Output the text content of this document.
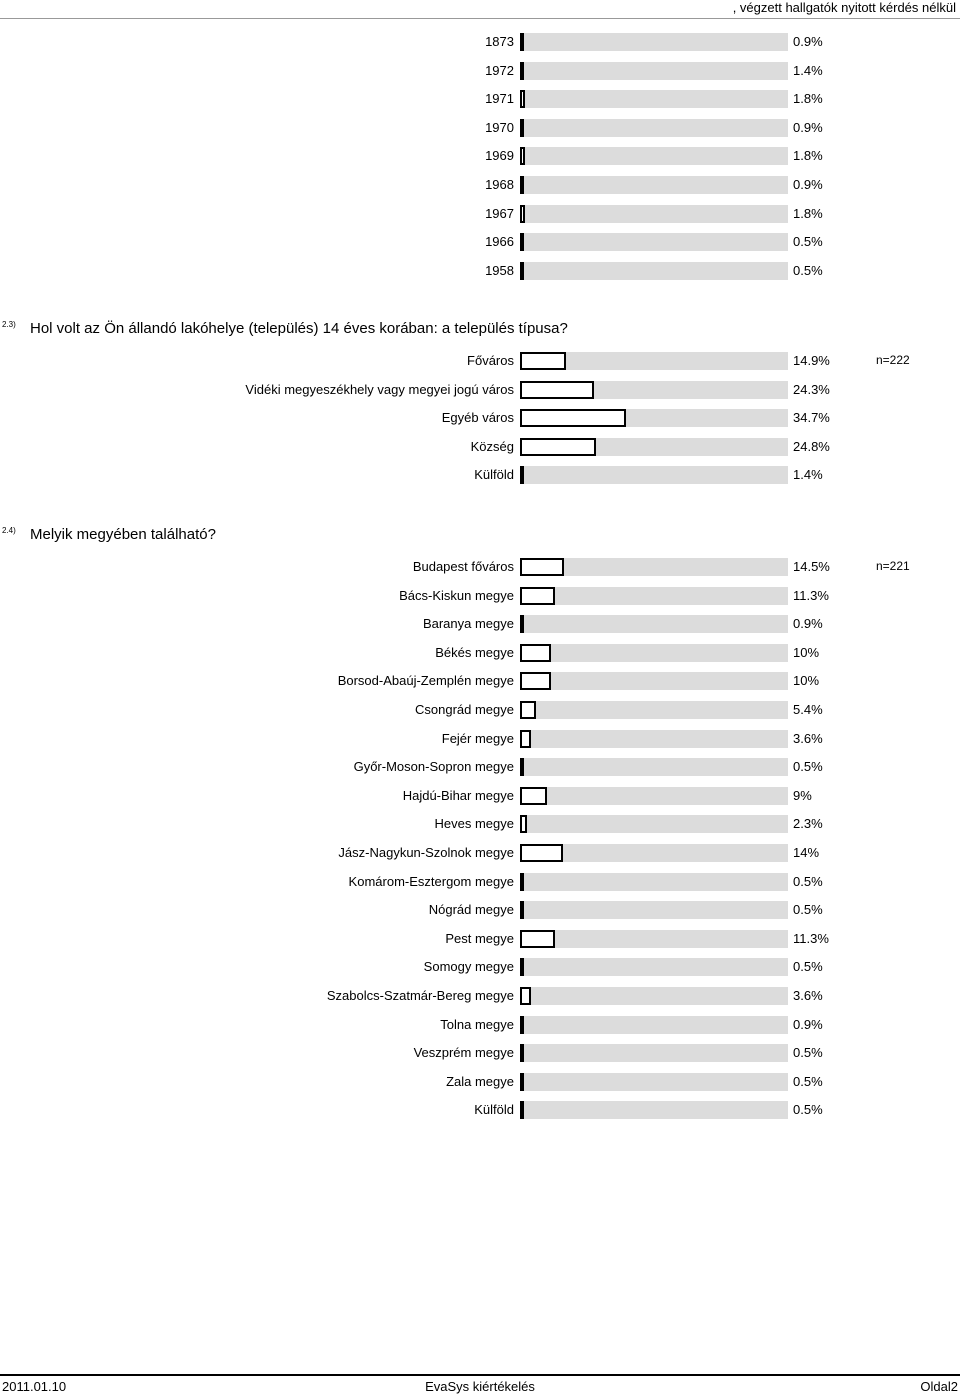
, végzett hallgatók nyitott kérdés nélkül
1873	0.9%
1972	1.4%
1971	1.8%
1970	0.9%
1969	1.8%
1968	0.9%
1967	1.8%
1966	0.5%
1958	0.5%
2.3) Hol volt az Ön állandó lakóhelye (település) 14 éves korában: a település típusa?
Főváros	14.9%	n=222
Vidéki megyeszékhely vagy megyei jogú város	24.3%
Egyéb város	34.7%
Község	24.8%
Külföld	1.4%
2.4) Melyik megyében található?
Budapest főváros	14.5%	n=221
Bács-Kiskun megye	11.3%
Baranya megye	0.9%
Békés megye	10%
Borsod-Abaúj-Zemplén megye	10%
Csongrád megye	5.4%
Fejér megye	3.6%
Győr-Moson-Sopron megye	0.5%
Hajdú-Bihar megye	9%
Heves megye	2.3%
Jász-Nagykun-Szolnok megye	14%
Komárom-Esztergom megye	0.5%
Nógrád megye	0.5%
Pest megye	11.3%
Somogy megye	0.5%
Szabolcs-Szatmár-Bereg megye	3.6%
Tolna megye	0.9%
Veszprém megye	0.5%
Zala megye	0.5%
Külföld	0.5%
2011.01.10	EvaSys kiértékelés	Oldal2
